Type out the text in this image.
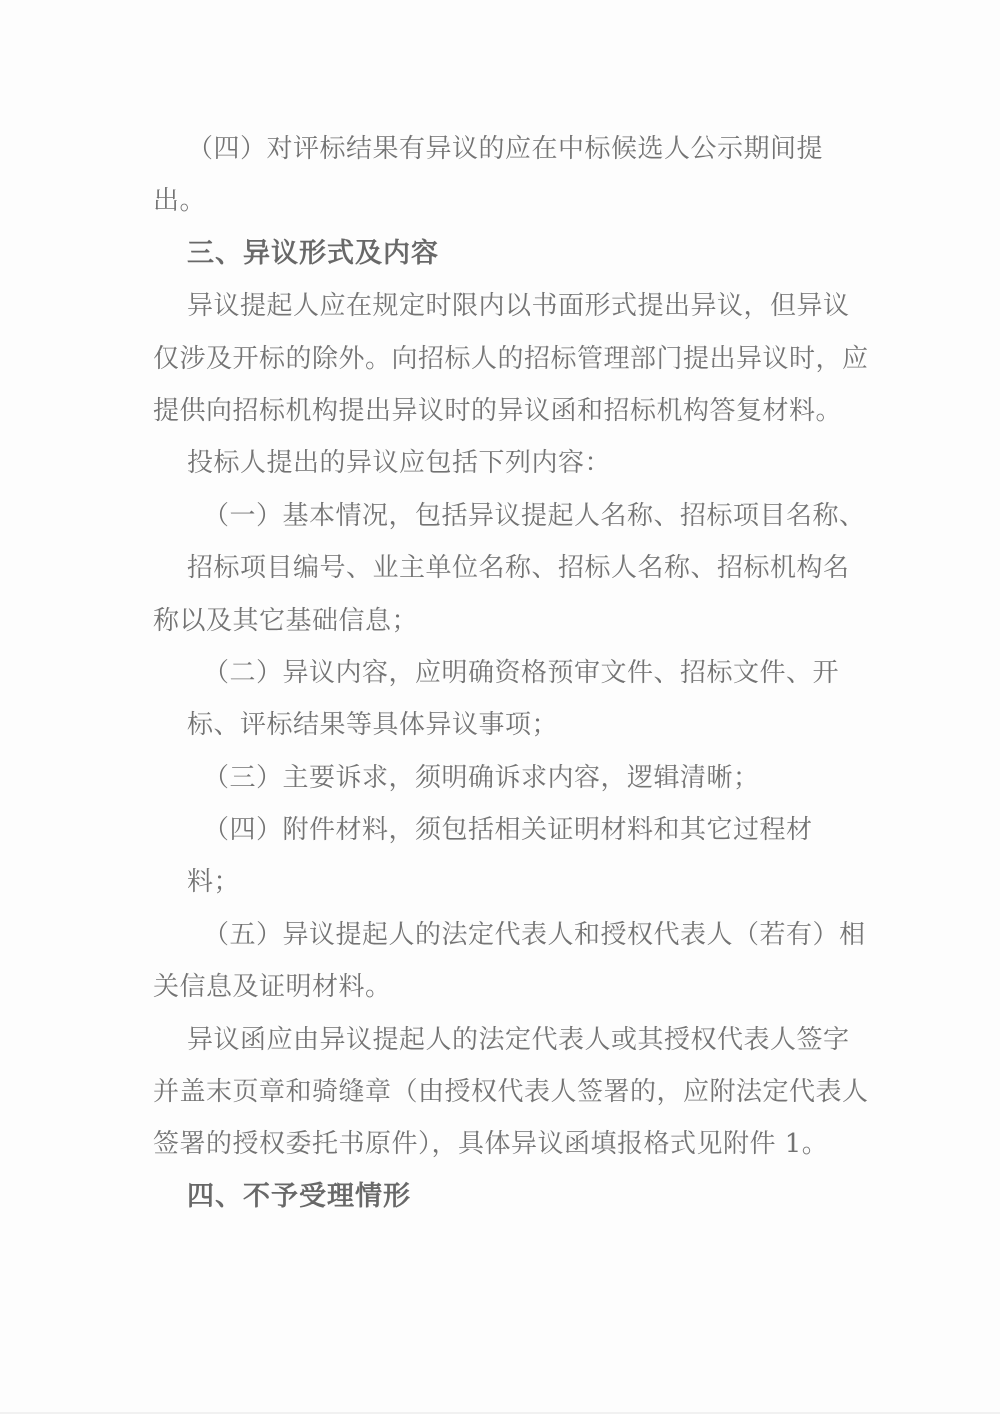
（四）对评标结果有异议的应在中标候选人公示期间提
出。
三、异议形式及内容
异议提起人应在规定时限内以书面形式提出异议，但异议
仅涉及开标的除外。向招标人的招标管理部门提出异议时，应
提供向招标机构提出异议时的异议函和招标机构答复材料。
投标人提出的异议应包括下列内容：
（一）基本情况，包括异议提起人名称、招标项目名称、
招标项目编号、业主单位名称、招标人名称、招标机构名
称以及其它基础信息；
（二）异议内容，应明确资格预审文件、招标文件、开
标、评标结果等具体异议事项；
（三）主要诉求，须明确诉求内容，逻辑清晰；
（四）附件材料，须包括相关证明材料和其它过程材
料；
（五）异议提起人的法定代表人和授权代表人（若有）相
关信息及证明材料。
异议函应由异议提起人的法定代表人或其授权代表人签字
并盖末页章和骑缝章（由授权代表人签署的，应附法定代表人
签署的授权委托书原件），具体异议函填报格式见附件 1。
四、不予受理情形
